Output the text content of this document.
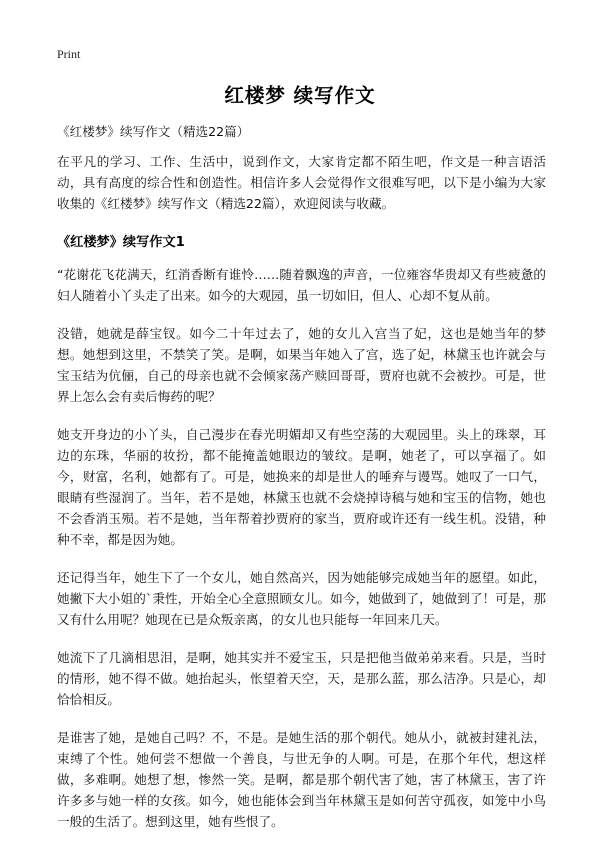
Print
红楼梦 续写作文
《红楼梦》续写作文（精选22篇）

在平凡的学习、工作、生活中，说到作文，大家肯定都不陌生吧，作文是一种言语活动，具有高度的综合性和创造性。相信许多人会觉得作文很难写吧，以下是小编为大家收集的《红楼梦》续写作文（精选22篇），欢迎阅读与收藏。

《红楼梦》续写作文1

“花谢花飞花满天，红消香断有谁怜……随着飘逸的声音，一位雍容华贵却又有些疲惫的妇人随着小丫头走了出来。如今的大观园，虽一切如旧，但人、心却不复从前。

没错，她就是薛宝钗。如今二十年过去了，她的女儿入宫当了妃，这也是她当年的梦想。她想到这里，不禁笑了笑。是啊，如果当年她入了宫，选了妃，林黛玉也许就会与宝玉结为伉俪，自己的母亲也就不会倾家荡产赎回哥哥，贾府也就不会被抄。可是，世界上怎么会有卖后悔药的呢？

她支开身边的小丫头，自己漫步在春光明媚却又有些空荡的大观园里。头上的珠翠，耳边的东珠，华丽的妆扮，都不能掩盖她眼边的皱纹。是啊，她老了，可以享福了。如今，财富，名利，她都有了。可是，她换来的却是世人的唾弃与谩骂。她叹了一口气，眼睛有些湿润了。当年，若不是她，林黛玉也就不会烧掉诗稿与她和宝玉的信物，她也不会香消玉殒。若不是她，当年帮着抄贾府的家当，贾府或许还有一线生机。没错，种种不幸，都是因为她。

还记得当年，她生下了一个女儿，她自然高兴，因为她能够完成她当年的愿望。如此，她撇下大小姐的`秉性，开始全心全意照顾女儿。如今，她做到了，她做到了！可是，那又有什么用呢？她现在已是众叛亲离，的女儿也只能每一年回来几天。

她流下了几滴相思泪，是啊，她其实并不爱宝玉，只是把他当做弟弟来看。只是，当时的情形，她不得不做。她抬起头，怅望着天空，天，是那么蓝，那么洁净。只是心，却恰恰相反。

是谁害了她，是她自己吗？不，不是。是她生活的那个朝代。她从小，就被封建礼法，束缚了个性。她何尝不想做一个善良，与世无争的人啊。可是，在那个年代，想这样做，多难啊。她想了想，惨然一笑。是啊，都是那个朝代害了她，害了林黛玉，害了许许多多与她一样的女孩。如今，她也能体会到当年林黛玉是如何苦守孤夜，如笼中小鸟一般的生活了。想到这里，她有些恨了。
